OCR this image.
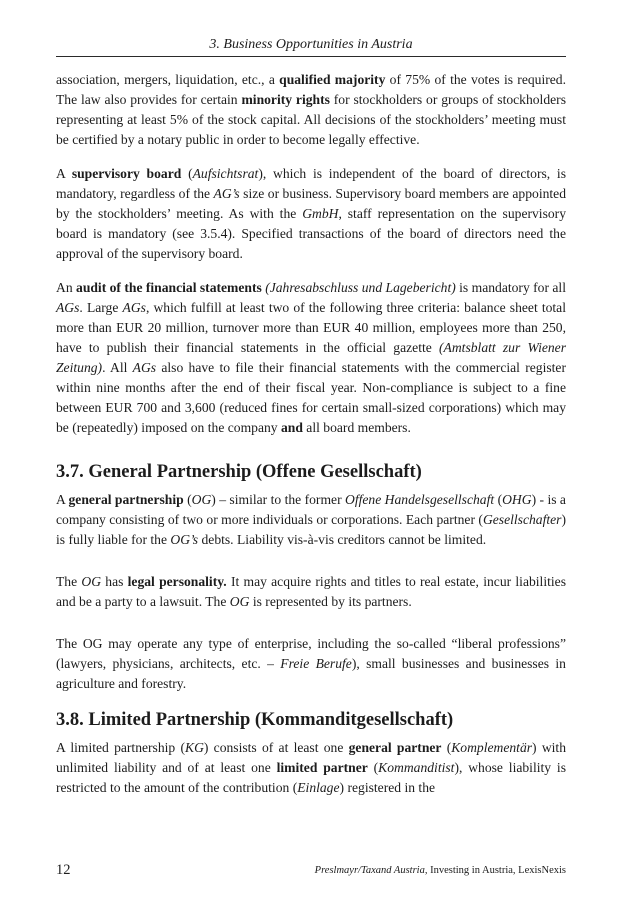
3. Business Opportunities in Austria

association, mergers, liquidation, etc., a qualified majority of 75% of the votes is required. The law also provides for certain minority rights for stockholders or groups of stockholders representing at least 5% of the stock capital. All decisions of the stockholders’ meeting must be certified by a notary public in order to become legally effective.

A supervisory board (Aufsichtsrat), which is independent of the board of directors, is mandatory, regardless of the AG’s size or business. Supervisory board members are appointed by the stockholders’ meeting. As with the GmbH, staff representation on the supervisory board is mandatory (see 3.5.4). Specified transactions of the board of directors need the approval of the supervisory board.

An audit of the financial statements (Jahresabschluss und Lagebericht) is mandatory for all AGs. Large AGs, which fulfill at least two of the following three criteria: balance sheet total more than EUR 20 million, turnover more than EUR 40 million, employees more than 250, have to publish their financial statements in the official gazette (Amtsblatt zur Wiener Zeitung). All AGs also have to file their financial statements with the commercial register within nine months after the end of their fiscal year. Non-compliance is subject to a fine between EUR 700 and 3,600 (reduced fines for certain small-sized corporations) which may be (repeatedly) imposed on the company and all board members.

3.7. General Partnership (Offene Gesellschaft)

A general partnership (OG) – similar to the former Offene Handelsgesellschaft (OHG) - is a company consisting of two or more individuals or corporations. Each partner (Gesellschafter) is fully liable for the OG’s debts. Liability vis-à-vis creditors cannot be limited.

The OG has legal personality. It may acquire rights and titles to real estate, incur liabilities and be a party to a lawsuit. The OG is represented by its partners.

The OG may operate any type of enterprise, including the so-called “liberal professions” (lawyers, physicians, architects, etc. – Freie Berufe), small businesses and businesses in agriculture and forestry.

3.8. Limited Partnership (Kommanditgesellschaft)

A limited partnership (KG) consists of at least one general partner (Komplementär) with unlimited liability and of at least one limited partner (Kommanditist), whose liability is restricted to the amount of the contribution (Einlage) registered in the

12	Preslmayr/Taxand Austria, Investing in Austria, LexisNexis
